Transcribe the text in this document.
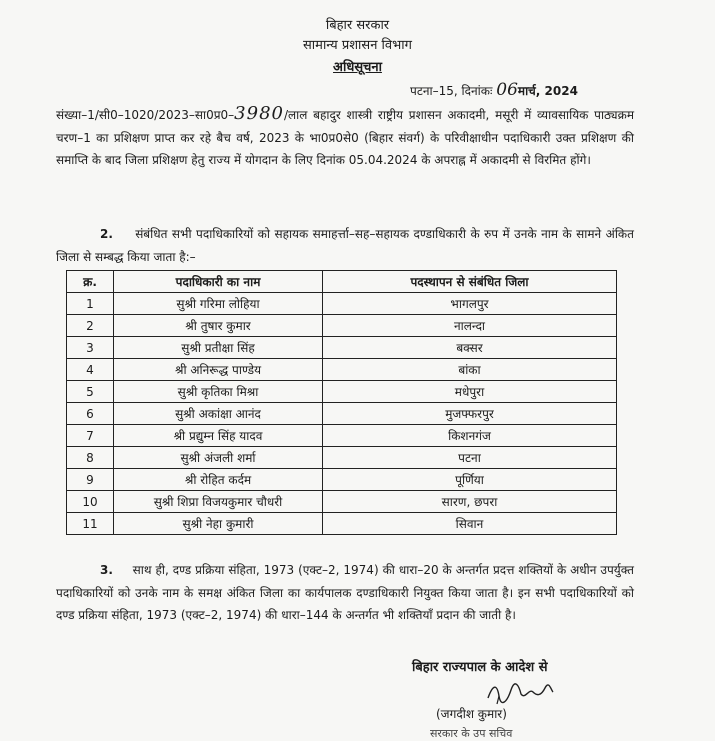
बिहार सरकार
सामान्य प्रशासन विभाग
अधिसूचना
पटना–15, दिनांकः 06मार्च, 2024
संख्या–1/सी0–1020/2023–सा0प्र0–3980/लाल बहादुर शास्त्री राष्ट्रीय प्रशासन अकादमी, मसूरी में व्यावसायिक पाठ्यक्रम चरण–1 का प्रशिक्षण प्राप्त कर रहे बैच वर्ष, 2023 के भा0प्र0से0 (बिहार संवर्ग) के परिवीक्षाधीन पदाधिकारी उक्त प्रशिक्षण की समाप्ति के बाद जिला प्रशिक्षण हेतु राज्य में योगदान के लिए दिनांक 05.04.2024 के अपराह्न में अकादमी से विरमित होंगे।
2. संबंधित सभी पदाधिकारियों को सहायक समाहर्त्ता–सह–सहायक दण्डाधिकारी के रुप में उनके नाम के सामने अंकित जिला से सम्बद्ध किया जाता है:–
क्र.	पदाधिकारी का नाम	पदस्थापन से संबंधित जिला
1	सुश्री गरिमा लोहिया	भागलपुर
2	श्री तुषार कुमार	नालन्दा
3	सुश्री प्रतीक्षा सिंह	बक्सर
4	श्री अनिरूद्ध पाण्डेय	बांका
5	सुश्री कृतिका मिश्रा	मधेपुरा
6	सुश्री अकांक्षा आनंद	मुजफ्फरपुर
7	श्री प्रद्युम्न सिंह यादव	किशनगंज
8	सुश्री अंजली शर्मा	पटना
9	श्री रोहित कर्दम	पूर्णिया
10	सुश्री शिप्रा विजयकुमार चौधरी	सारण, छपरा
11	सुश्री नेहा कुमारी	सिवान
3. साथ ही, दण्ड प्रक्रिया संहिता, 1973 (एक्ट–2, 1974) की धारा–20 के अन्तर्गत प्रदत्त शक्तियों के अधीन उपर्युक्त पदाधिकारियों को उनके नाम के समक्ष अंकित जिला का कार्यपालक दण्डाधिकारी नियुक्त किया जाता है। इन सभी पदाधिकारियों को दण्ड प्रक्रिया संहिता, 1973 (एक्ट–2, 1974) की धारा–144 के अन्तर्गत भी शक्तियाँ प्रदान की जाती है।
बिहार राज्यपाल के आदेश से
(जगदीश कुमार)
सरकार के उप सचिव
